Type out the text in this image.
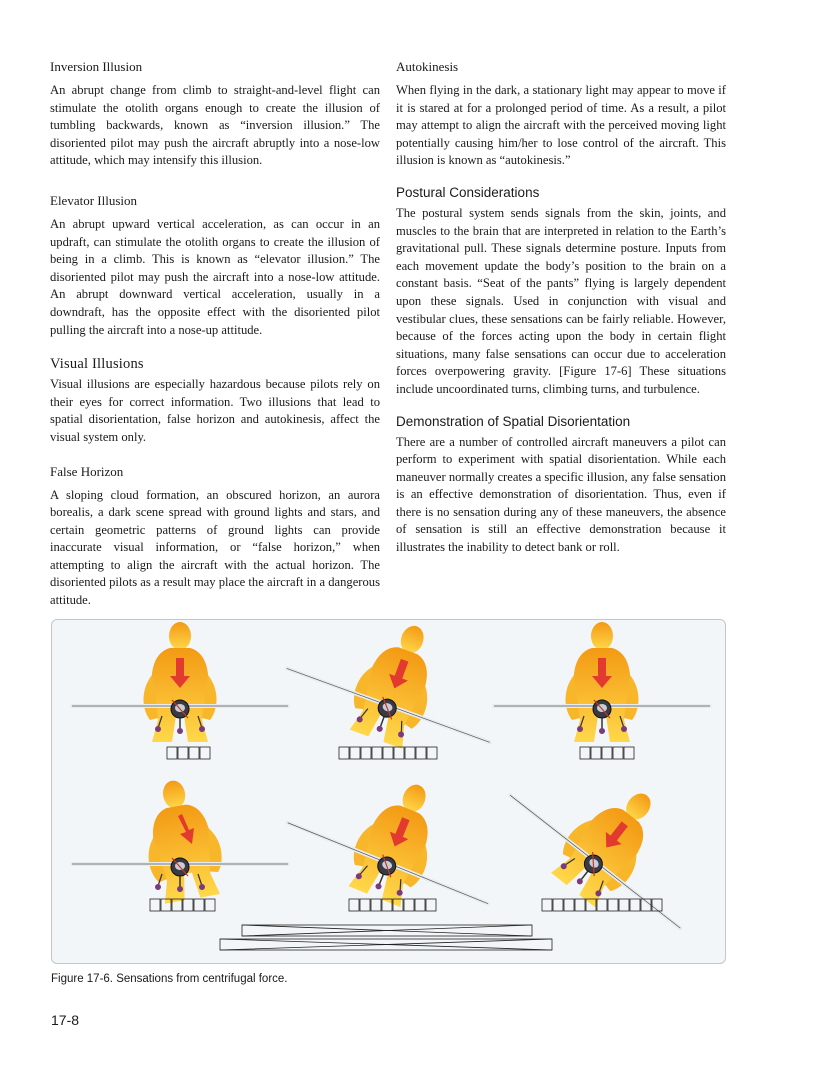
Inversion Illusion

An abrupt change from climb to straight-and-level flight can stimulate the otolith organs enough to create the illusion of tumbling backwards, known as “inversion illusion.” The disoriented pilot may push the aircraft abruptly into a nose-low attitude, which may intensify this illusion.

Elevator Illusion

An abrupt upward vertical acceleration, as can occur in an updraft, can stimulate the otolith organs to create the illusion of being in a climb. This is known as “elevator illusion.” The disoriented pilot may push the aircraft into a nose-low attitude. An abrupt downward vertical acceleration, usually in a downdraft, has the opposite effect with the disoriented pilot pulling the aircraft into a nose-up attitude.

Visual Illusions

Visual illusions are especially hazardous because pilots rely on their eyes for correct information. Two illusions that lead to spatial disorientation, false horizon and autokinesis, affect the visual system only.

False Horizon

A sloping cloud formation, an obscured horizon, an aurora borealis, a dark scene spread with ground lights and stars, and certain geometric patterns of ground lights can provide inaccurate visual information, or “false horizon,” when attempting to align the aircraft with the actual horizon. The disoriented pilots as a result may place the aircraft in a dangerous attitude.

Autokinesis

When flying in the dark, a stationary light may appear to move if it is stared at for a prolonged period of time. As a result, a pilot may attempt to align the aircraft with the perceived moving light potentially causing him/her to lose control of the aircraft. This illusion is known as “autokinesis.”

Postural Considerations

The postural system sends signals from the skin, joints, and muscles to the brain that are interpreted in relation to the Earth’s gravitational pull. These signals determine posture. Inputs from each movement update the body’s position to the brain on a constant basis. “Seat of the pants” flying is largely dependent upon these signals. Used in conjunction with visual and vestibular clues, these sensations can be fairly reliable. However, because of the forces acting upon the body in certain flight situations, many false sensations can occur due to acceleration forces overpowering gravity. [Figure 17-6] These situations include uncoordinated turns, climbing turns, and turbulence.

Demonstration of Spatial Disorientation

There are a number of controlled aircraft maneuvers a pilot can perform to experiment with spatial disorientation. While each maneuver normally creates a specific illusion, any false sensation is an effective demonstration of disorientation. Thus, even if there is no sensation during any of these maneuvers, the absence of sensation is still an effective demonstration because it illustrates the inability to detect bank or roll.

Figure 17-6. Sensations from centrifugal force.
17-8
